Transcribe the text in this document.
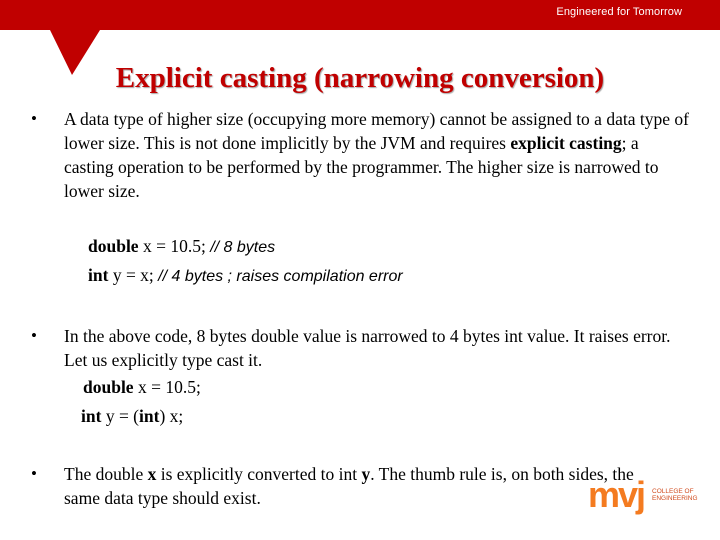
Engineered for Tomorrow
Explicit casting (narrowing conversion)
• A data type of higher size (occupying more memory) cannot be assigned to a data type of lower size. This is not done implicitly by the JVM and requires explicit casting; a casting operation to be performed by the programmer. The higher size is narrowed to lower size.
double x = 10.5; // 8 bytes
int y = x; // 4 bytes ; raises compilation error
• In the above code, 8 bytes double value is narrowed to 4 bytes int value. It raises error. Let us explicitly type cast it.
double x = 10.5;
int y = (int) x;
• The double x is explicitly converted to int y. The thumb rule is, on both sides, the same data type should exist.	mvj COLLEGE OF
ENGINEERING
